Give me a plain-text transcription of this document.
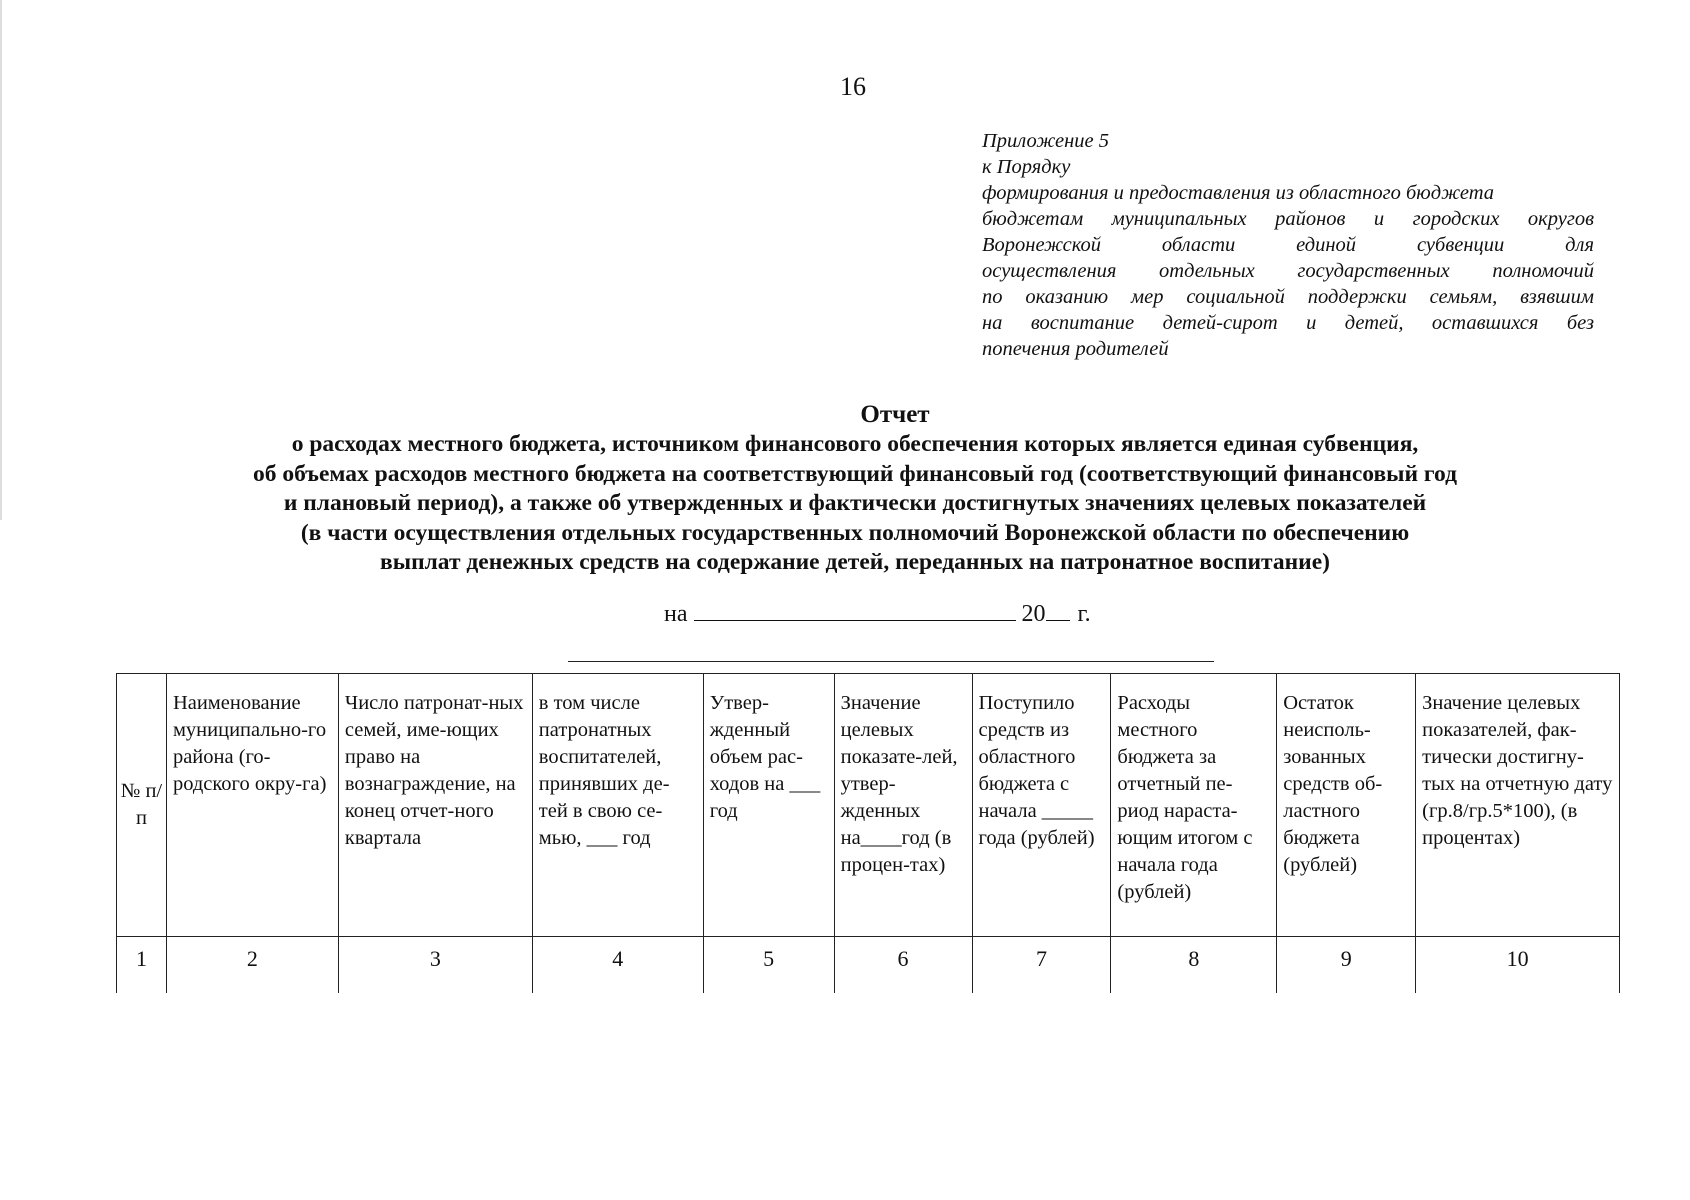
16
Приложение 5
к Порядку
формирования и предоставления из областного бюджета
бюджетам муниципальных районов и городских округов
Воронежской области единой субвенции для
осуществления отдельных государственных полномочий
по оказанию мер социальной поддержки семьям, взявшим
на воспитание детей-сирот и детей, оставшихся без
попечения родителей
Отчет
о расходах местного бюджета, источником финансового обеспечения которых является единая субвенция,
об объемах расходов местного бюджета на соответствующий финансовый год (соответствующий финансовый год
и плановый период), а также об утвержденных и фактически достигнутых значениях целевых показателей
(в части осуществления отдельных государственных полномочий Воронежской области по обеспечению
выплат денежных средств на содержание детей, переданных на патронатное воспитание)
на	20 г.
№ п/п	Наименование муниципально-го района (го-родского окру-га)	Число патронат-ных семей, име-ющих право на вознаграждение, на конец отчет-ного квартала	в том числе патронатных воспитателей, принявших де-тей в свою се-мью, ___ год	Утвер-жденный объем рас-ходов на ___ год	Значение целевых показате-лей, утвер-жденных на____год (в процен-тах)	Поступило средств из областного бюджета с начала _____ года (рублей)	Расходы местного бюджета за отчетный пе-риод нараста-ющим итогом с начала года (рублей)	Остаток неисполь-зованных средств об-ластного бюджета (рублей)	Значение целевых показателей, фак-тически достигну-тых на отчетную дату (гр.8/гр.5*100), (в процентах)
1	2	3	4	5	6	7	8	9	10
